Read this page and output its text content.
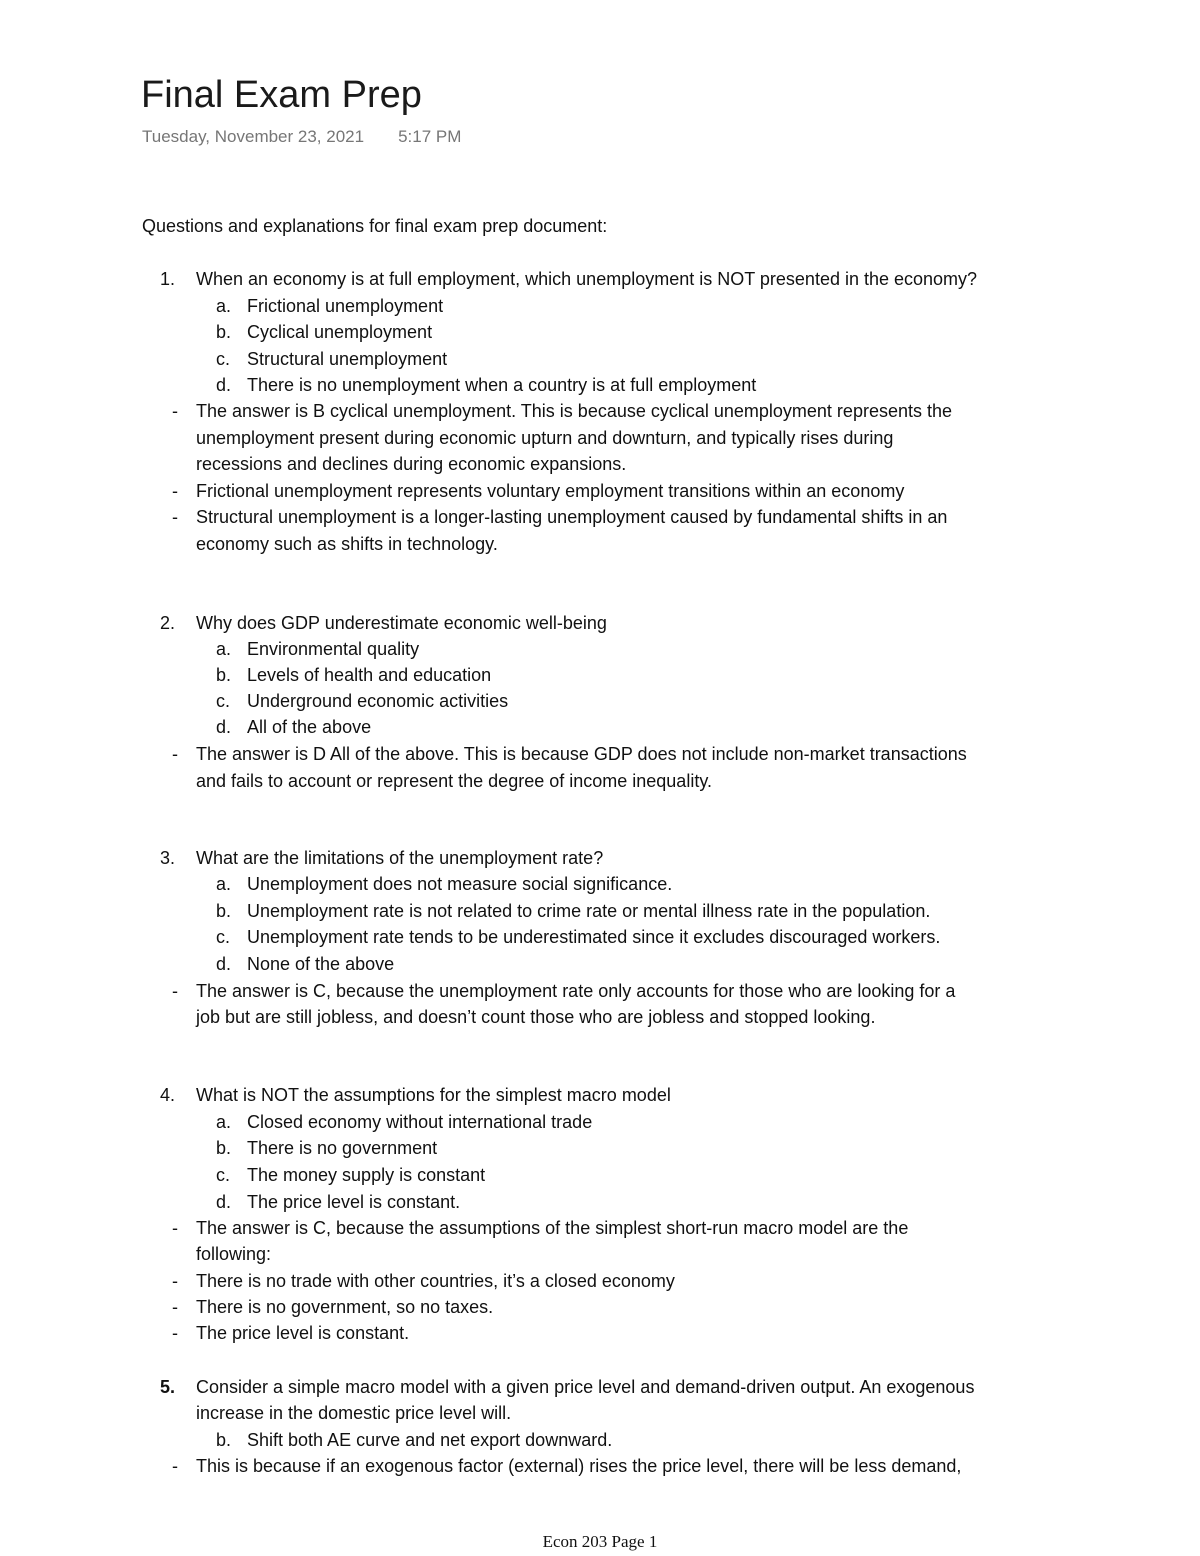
Final Exam Prep
Tuesday, November 23, 2021 5:17 PM
Questions and explanations for final exam prep document:
1. When an economy is at full employment, which unemployment is NOT presented in the economy?
a. Frictional unemployment
b. Cyclical unemployment
c. Structural unemployment
d. There is no unemployment when a country is at full employment
- The answer is B cyclical unemployment. This is because cyclical unemployment represents the
unemployment present during economic upturn and downturn, and typically rises during
recessions and declines during economic expansions.
- Frictional unemployment represents voluntary employment transitions within an economy
- Structural unemployment is a longer-lasting unemployment caused by fundamental shifts in an
economy such as shifts in technology.
2. Why does GDP underestimate economic well-being
a. Environmental quality
b. Levels of health and education
c. Underground economic activities
d. All of the above
- The answer is D All of the above. This is because GDP does not include non-market transactions
and fails to account or represent the degree of income inequality.
3. What are the limitations of the unemployment rate?
a. Unemployment does not measure social significance.
b. Unemployment rate is not related to crime rate or mental illness rate in the population.
c. Unemployment rate tends to be underestimated since it excludes discouraged workers.
d. None of the above
- The answer is C, because the unemployment rate only accounts for those who are looking for a
job but are still jobless, and doesn’t count those who are jobless and stopped looking.
4. What is NOT the assumptions for the simplest macro model
a. Closed economy without international trade
b. There is no government
c. The money supply is constant
d. The price level is constant.
- The answer is C, because the assumptions of the simplest short-run macro model are the
following:
- There is no trade with other countries, it’s a closed economy
- There is no government, so no taxes.
- The price level is constant.
5. Consider a simple macro model with a given price level and demand-driven output. An exogenous
increase in the domestic price level will.
b. Shift both AE curve and net export downward.
- This is because if an exogenous factor (external) rises the price level, there will be less demand,
Econ 203 Page 1
